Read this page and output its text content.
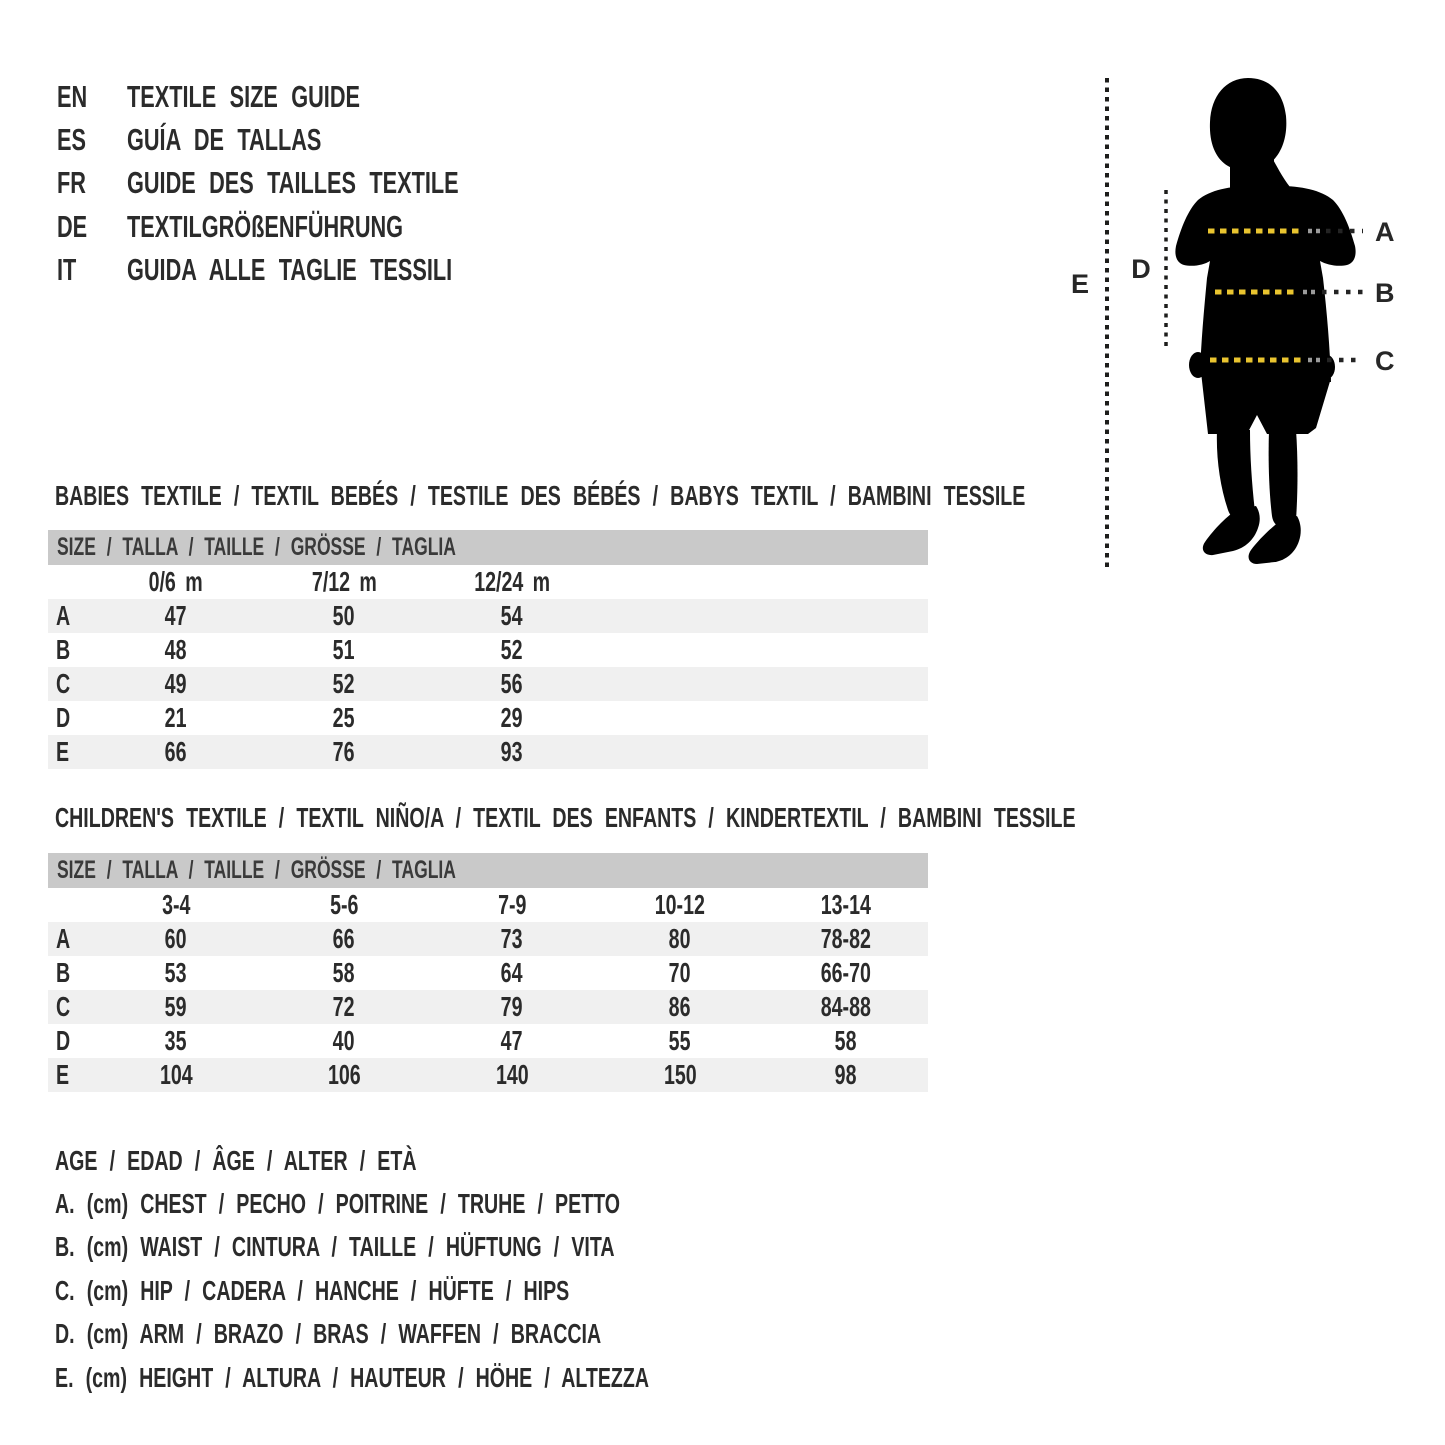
EN	TEXTILE SIZE GUIDE
ES	GUÍA DE TALLAS
FR	GUIDE DES TAILLES TEXTILE
DE	TEXTILGRÖßENFÜHRUNG
IT	GUIDA ALLE TAGLIE TESSILI	E D
A
B
C
BABIES TEXTILE / TEXTIL BEBÉS / TESTILE DES BÉBÉS / BABYS TEXTIL / BAMBINI TESSILE
SIZE / TALLA / TAILLE / GRÖSSE / TAGLIA
0/6 m	7/12 m	12/24 m
A	47	50	54
B	48	51	52
C	49	52	56
D	21	25	29
E	66	76	93
CHILDREN'S TEXTILE / TEXTIL NIÑO/A / TEXTIL DES ENFANTS / KINDERTEXTIL / BAMBINI TESSILE
SIZE / TALLA / TAILLE / GRÖSSE / TAGLIA
3-4	5-6	7-9	10-12	13-14
A	60	66	73	80	78-82
B	53	58	64	70	66-70
C	59	72	79	86	84-88
D	35	40	47	55	58
E	104	106	140	150	98
AGE / EDAD / ÂGE / ALTER / ETÀ
A. (cm) CHEST / PECHO / POITRINE / TRUHE / PETTO
B. (cm) WAIST / CINTURA / TAILLE / HÜFTUNG / VITA
C. (cm) HIP / CADERA / HANCHE / HÜFTE / HIPS
D. (cm) ARM / BRAZO / BRAS / WAFFEN / BRACCIA
E. (cm) HEIGHT / ALTURA / HAUTEUR / HÖHE / ALTEZZA
